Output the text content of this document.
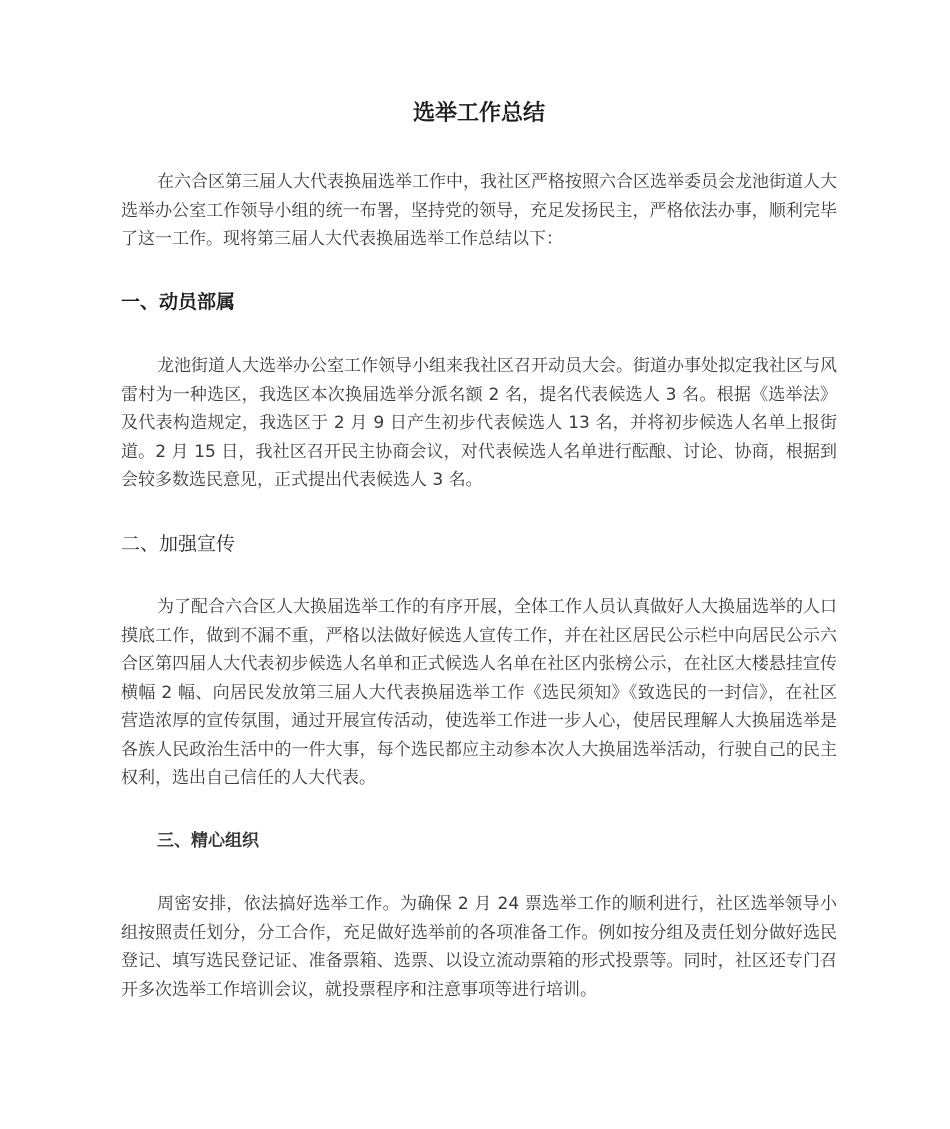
选举工作总结

在六合区第三届人大代表换届选举工作中，我社区严格按照六合区选举委员会龙池街道人大选举办公室工作领导小组的统一布署，坚持党的领导，充足发扬民主，严格依法办事，顺利完毕了这一工作。现将第三届人大代表换届选举工作总结以下：

一、动员部属

龙池街道人大选举办公室工作领导小组来我社区召开动员大会。街道办事处拟定我社区与风雷村为一种选区，我选区本次换届选举分派名额 2 名，提名代表候选人 3 名。根据《选举法》及代表构造规定，我选区于 2 月 9 日产生初步代表候选人 13 名，并将初步候选人名单上报街道。2 月 15 日，我社区召开民主协商会议，对代表候选人名单进行酝酿、讨论、协商，根据到会较多数选民意见，正式提出代表候选人 3 名。

二、加强宣传

为了配合六合区人大换届选举工作的有序开展，全体工作人员认真做好人大换届选举的人口摸底工作，做到不漏不重，严格以法做好候选人宣传工作，并在社区居民公示栏中向居民公示六合区第四届人大代表初步候选人名单和正式候选人名单在社区内张榜公示，在社区大楼悬挂宣传横幅 2 幅、向居民发放第三届人大代表换届选举工作《选民须知》《致选民的一封信》，在社区营造浓厚的宣传氛围，通过开展宣传活动，使选举工作进一步人心，使居民理解人大换届选举是各族人民政治生活中的一件大事，每个选民都应主动参本次人大换届选举活动，行驶自己的民主权利，选出自己信任的人大代表。

三、精心组织

周密安排，依法搞好选举工作。为确保 2 月 24 票选举工作的顺利进行，社区选举领导小组按照责任划分，分工合作，充足做好选举前的各项准备工作。例如按分组及责任划分做好选民登记、填写选民登记证、准备票箱、选票、以设立流动票箱的形式投票等。同时，社区还专门召开多次选举工作培训会议，就投票程序和注意事项等进行培训。
